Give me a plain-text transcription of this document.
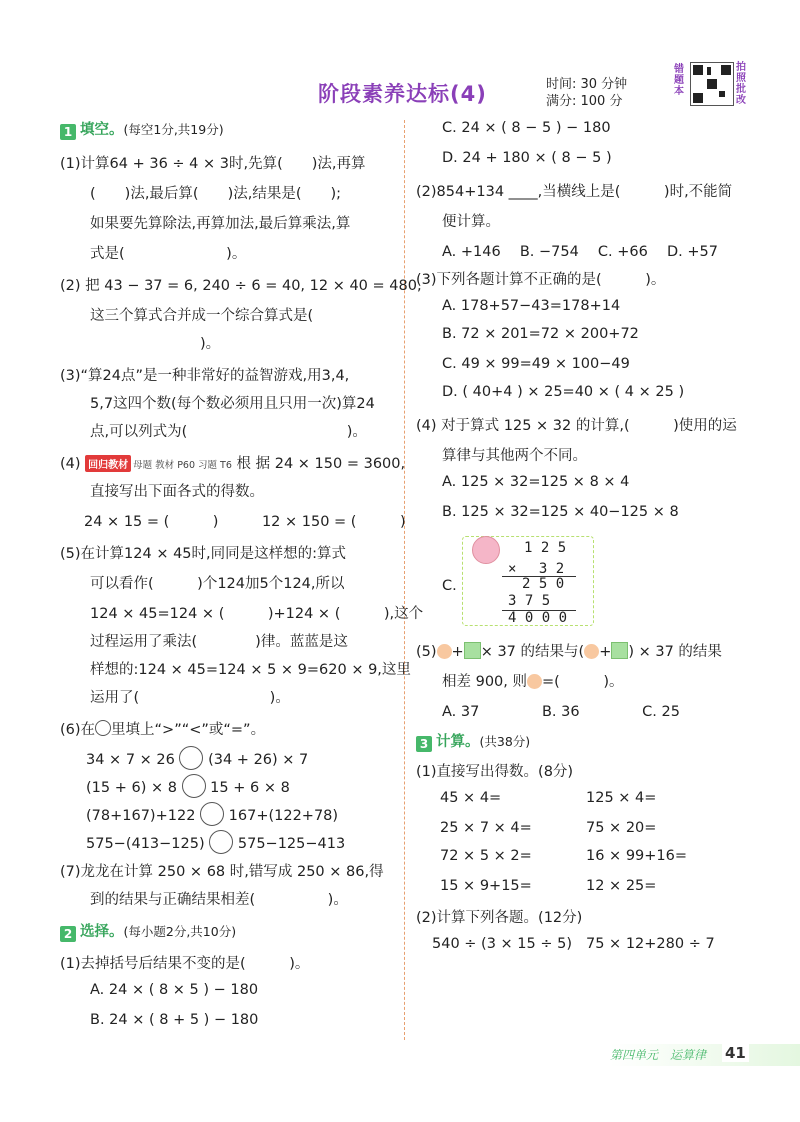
阶段素养达标(4)	时间: 30 分钟
满分: 100 分
错题本
拍照批改
1 填空。(每空1分,共19分)
(1)计算64 + 36 ÷ 4 × 3时,先算(　　)法,再算
(　　)法,最后算(　　)法,结果是(　　);
如果要先算除法,再算加法,最后算乘法,算
式是(　　　　　　　)。
(2) 把 43 − 37 = 6, 240 ÷ 6 = 40, 12 × 40 = 480,
这三个算式合并成一个综合算式是(
)。
(3)“算24点”是一种非常好的益智游戏,用3,4,
5,7这四个数(每个数必须用且只用一次)算24
点,可以列式为(　　　　　　　　　　　)。
(4) 回归教材 母题 教材 P60 习题 T6 根 据 24 × 150 = 3600,
直接写出下面各式的得数。
24 × 15 = (　　　)　　　12 × 150 = (　　　)
(5)在计算124 × 45时,同同是这样想的:算式
可以看作(　　　)个124加5个124,所以
124 × 45=124 × (　　　)+124 × (　　　),这个
过程运用了乘法(　　　　)律。蓝蓝是这
样想的:124 × 45=124 × 5 × 9=620 × 9,这里
运用了(　　　　　　　　　)。
(6)在 里填上“>”“<”或“=”。
34 × 7 × 26 (34 + 26) × 7
(15 + 6) × 8 15 + 6 × 8
(78+167)+122 167+(122+78)
575−(413−125) 575−125−413
(7)龙龙在计算 250 × 68 时,错写成 250 × 86,得
到的结果与正确结果相差(　　　　　)。
2 选择。(每小题2分,共10分)
(1)去掉括号后结果不变的是(　　　)。
A. 24 × ( 8 × 5 ) − 180
B. 24 × ( 8 + 5 ) − 180
C. 24 × ( 8 − 5 ) − 180
D. 24 + 180 × ( 8 − 5 )
(2)854+134 ____,当横线上是(　　　)时,不能简
便计算。
A. +146　 B. −754　 C. +66　 D. +57
(3)下列各题计算不正确的是(　　　)。
A. 178+57−43=178+14
B. 72 × 201=72 × 200+72
C. 49 × 99=49 × 100−49
D. ( 40+4 ) × 25=40 × ( 4 × 25 )
(4) 对于算式 125 × 32 的计算,(　　　)使用的运
算律与其他两个不同。
A. 125 × 32=125 × 8 × 4
B. 125 × 32=125 × 40−125 × 8
C.
(5) + × 37 的结果与( + ) × 37 的结果
相差 900, 则 =(　　　)。
A. 37　　　　 B. 36　　　　 C. 25
3 计算。(共38分)
(1)直接写出得数。(8分)
45 × 4=	125 × 4=
25 × 7 × 4=	75 × 20=
72 × 5 × 2=	16 × 99+16=
15 × 9+15=	12 × 25=
(2)计算下列各题。(12分)
540 ÷ (3 × 15 ÷ 5) 75 × 12+280 ÷ 7
1 2 5
×　 3 2
2 5 0
3 7 5
4 0 0 0
第四单元　运算律 41
